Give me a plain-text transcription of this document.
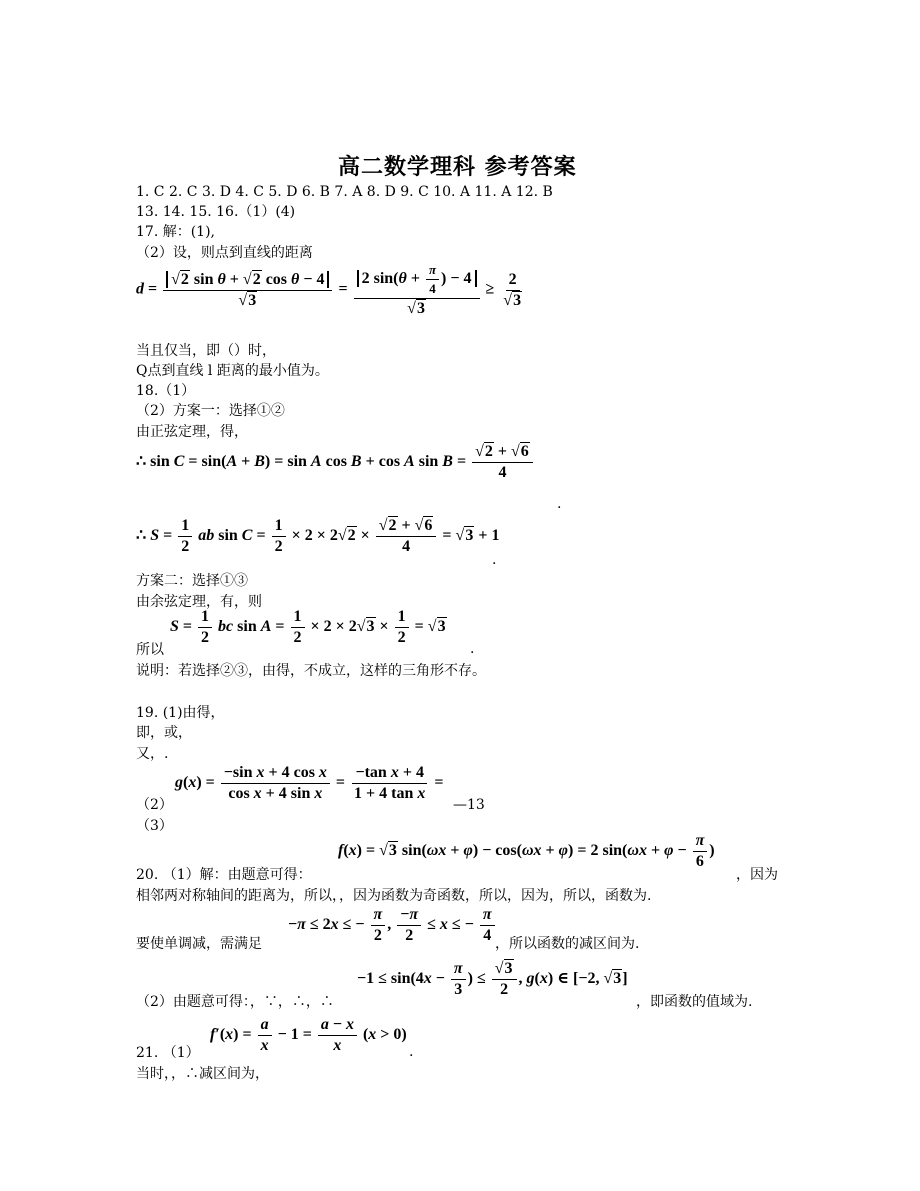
高二数学理科 参考答案
1. C 2. C 3. D 4. C 5. D 6. B 7. A 8. D 9. C 10. A 11. A 12. B
13. 14. 15. 16.（1）(4)
17. 解：(1),
（2）设，则点到直线的距离
$d = \frac{\text{√2 sin θ + √2 cos θ − 4}}{√3} = \frac{2 \sin(\theta + \frac{\pi}{4} ) - 4}{√3} \ge \frac{2}{√3}$
当且仅当，即（）时，
Q点到直线 l 距离的最小值为。
18.（1）
（2）方案一：选择①②
由正弦定理，得，
∴ sin C = sin(A + B) = sin A cos B + cos A $\sin B = \frac{√2 + √6}{4}$
.
∴ $S = \frac{1}{2}$ ab $\sin C = \frac{1}{2} \times 2 \times 2√2 \times \frac{√2 + √6}{4} = √3 + 1$
.
方案二：选择①③
由余弦定理，有，则
$S = \frac{1}{2}$ bc $\sin A = \frac{1}{2} \times 2 \times 2√3 \times \frac{1}{2} = √3$
所以	.
说明：若选择②③，由得，不成立，这样的三角形不存。
19. (1)由得，
即，或，
又，.
$g(x) = \frac{\text{−sin x + 4 cos x}}{\text{cos x + 4 sin x}} = \frac{\text{−tan x + 4}}{\text{1 + 4 tan x}}$ =
（2）	—13
（3）
f(x) = √3 sin(ωx + φ) − cos(ωx + φ) = 2 $\sin(\omega x + \varphi - \frac{\pi}{6}$ )
20. （1）解：由题意可得：	，因为
相邻两对称轴间的距离为，所以，，因为函数为奇函数，所以，因为，所以，函数为.
−π ≤ 2x ≤ − $\frac{\pi}{2}$ , $\frac{-\pi}{2} \le x$ ≤ − $\frac{\pi}{4}$
要使单调减，需满足	，所以函数的减区间为.
$-1 \le \sin(4x - \frac{\pi}{3}$ ) ≤ $\frac{√3}{2}$ , g(x) ∈ [−2, √3]
（2）由题意可得：，∵，∴，∴	，即函数的值域为.
$f'(x) = \frac{a}{x} - 1 = \frac{a - x}{x} (x > 0)$
21. （1）	.
当时，，∴减区间为，
